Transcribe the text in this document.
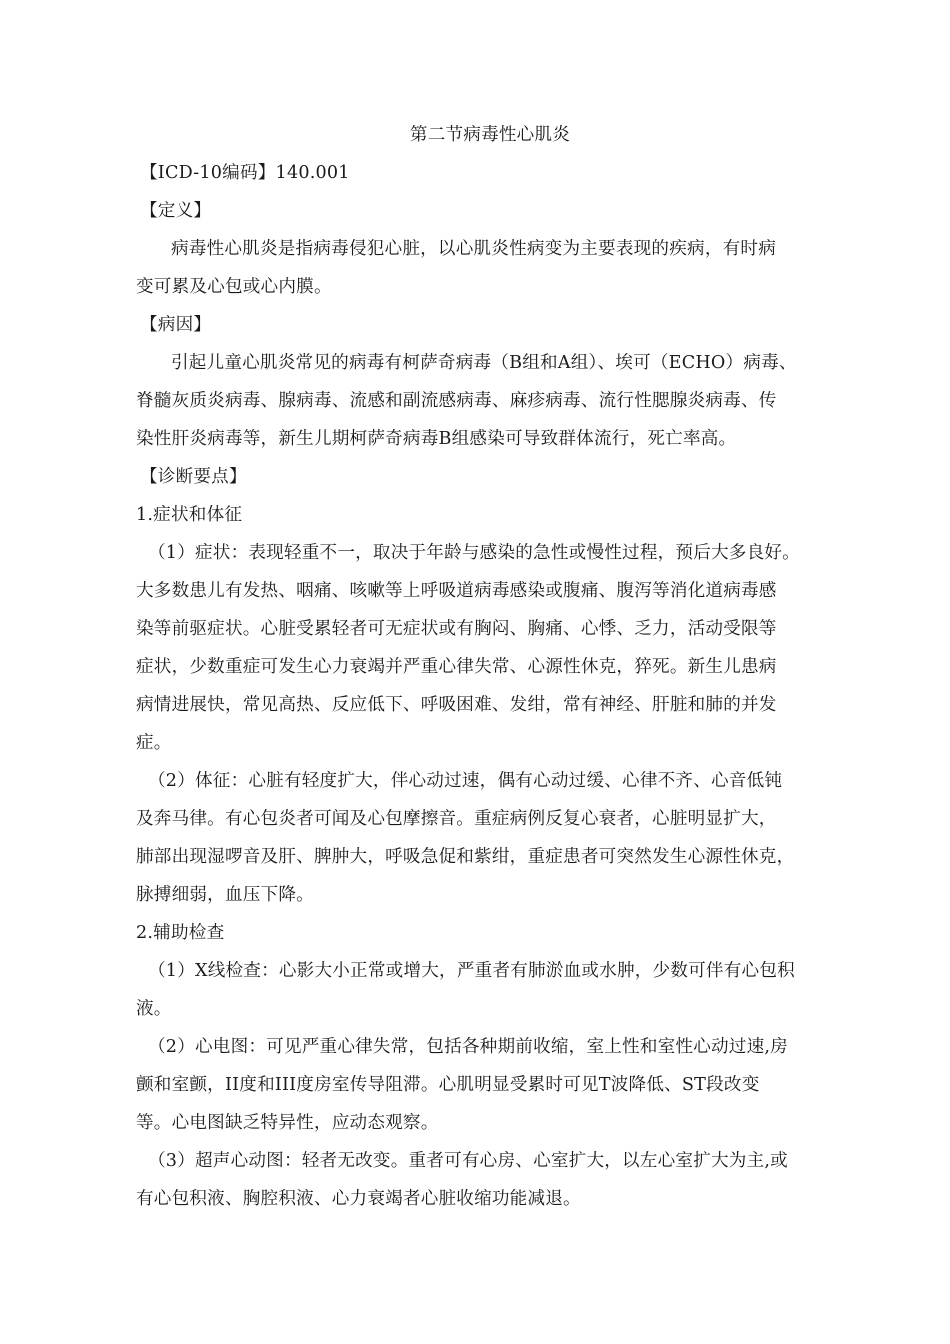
第二节病毒性心肌炎

【ICD-10编码】140.001

【定义】

病毒性心肌炎是指病毒侵犯心脏，以心肌炎性病变为主要表现的疾病，有时病

变可累及心包或心内膜。

【病因】

引起儿童心肌炎常见的病毒有柯萨奇病毒（B组和A组）、埃可（ECHO）病毒、

脊髓灰质炎病毒、腺病毒、流感和副流感病毒、麻疹病毒、流行性腮腺炎病毒、传

染性肝炎病毒等，新生儿期柯萨奇病毒B组感染可导致群体流行，死亡率高。

【诊断要点】

1.症状和体征

（1）症状：表现轻重不一，取决于年龄与感染的急性或慢性过程，预后大多良好。

大多数患儿有发热、咽痛、咳嗽等上呼吸道病毒感染或腹痛、腹泻等消化道病毒感

染等前驱症状。心脏受累轻者可无症状或有胸闷、胸痛、心悸、乏力，活动受限等

症状，少数重症可发生心力衰竭并严重心律失常、心源性休克，猝死。新生儿患病

病情进展快，常见高热、反应低下、呼吸困难、发绀，常有神经、肝脏和肺的并发

症。

（2）体征：心脏有轻度扩大，伴心动过速，偶有心动过缓、心律不齐、心音低钝

及奔马律。有心包炎者可闻及心包摩擦音。重症病例反复心衰者，心脏明显扩大，

肺部出现湿啰音及肝、脾肿大，呼吸急促和紫绀，重症患者可突然发生心源性休克，

脉搏细弱，血压下降。

2.辅助检查

（1）X线检查：心影大小正常或增大，严重者有肺淤血或水肿，少数可伴有心包积

液。

（2）心电图：可见严重心律失常，包括各种期前收缩，室上性和室性心动过速,房

颤和室颤，II度和III度房室传导阻滞。心肌明显受累时可见T波降低、ST段改变

等。心电图缺乏特异性，应动态观察。

（3）超声心动图：轻者无改变。重者可有心房、心室扩大，以左心室扩大为主,或

有心包积液、胸腔积液、心力衰竭者心脏收缩功能减退。
